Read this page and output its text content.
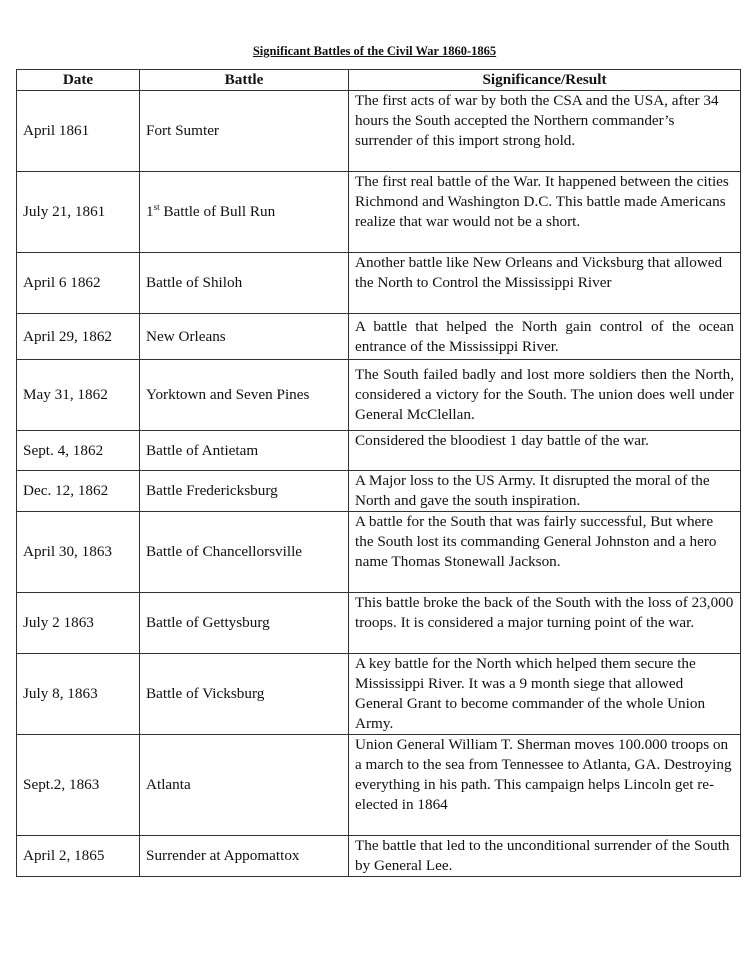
Significant Battles of the Civil War 1860-1865
Date	Battle	Significance/Result
April 1861	Fort Sumter	The first acts of war by both the CSA and the USA, after 34 hours the South accepted the Northern commander’s surrender of this import strong hold.
July 21, 1861	1st Battle of Bull Run	The first real battle of the War. It happened between the cities Richmond and Washington D.C. This battle made Americans realize that war would not be a short.
April 6 1862	Battle of Shiloh	Another battle like New Orleans and Vicksburg that allowed the North to Control the Mississippi River
April 29, 1862	New Orleans	A battle that helped the North gain control of the ocean entrance of the Mississippi River.
May 31, 1862	Yorktown and Seven Pines	The South failed badly and lost more soldiers then the North, considered a victory for the South. The union does well under General McClellan.
Sept. 4, 1862	Battle of Antietam	Considered the bloodiest 1 day battle of the war.
Dec. 12, 1862	Battle Fredericksburg	A Major loss to the US Army. It disrupted the moral of the North and gave the south inspiration.
April 30, 1863	Battle of Chancellorsville	A battle for the South that was fairly successful, But where the South lost its commanding General Johnston and a hero name Thomas Stonewall Jackson.
July 2 1863	Battle of Gettysburg	This battle broke the back of the South with the loss of 23,000 troops. It is considered a major turning point of the war.
July 8, 1863	Battle of Vicksburg	A key battle for the North which helped them secure the Mississippi River. It was a 9 month siege that allowed General Grant to become commander of the whole Union Army.
Sept.2, 1863	Atlanta	Union General William T. Sherman moves 100.000 troops on a march to the sea from Tennessee to Atlanta, GA. Destroying everything in his path. This campaign helps Lincoln get re-elected in 1864
April 2, 1865	Surrender at Appomattox	The battle that led to the unconditional surrender of the South by General Lee.
